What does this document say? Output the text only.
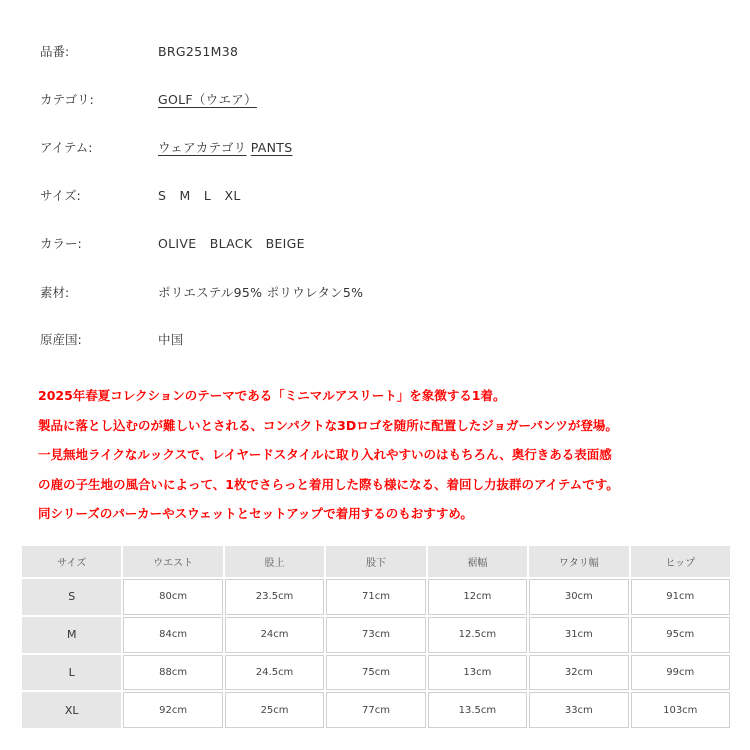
品番:	BRG251M38
カテゴリ:	GOLF（ウエア）
アイテム:	ウェアカテゴリ PANTS
サイズ:	S M L XL
カラー:	OLIVE BLACK BEIGE
素材:	ポリエステル95% ポリウレタン5%
原産国:	中国
2025年春夏コレクションのテーマである「ミニマルアスリート」を象徴する1着。
製品に落とし込むのが難しいとされる、コンパクトな3Dロゴを随所に配置したジョガーパンツが登場。
一見無地ライクなルックスで、レイヤードスタイルに取り入れやすいのはもちろん、奥行きある表面感
の鹿の子生地の風合いによって、1枚でさらっと着用した際も様になる、着回し力抜群のアイテムです。
同シリーズのパーカーやスウェットとセットアップで着用するのもおすすめ。
サイズ	ウエスト	股上	股下	裾幅	ワタリ幅	ヒップ
S	80cm	23.5cm	71cm	12cm	30cm	91cm
M	84cm	24cm	73cm	12.5cm	31cm	95cm
L	88cm	24.5cm	75cm	13cm	32cm	99cm
XL	92cm	25cm	77cm	13.5cm	33cm	103cm
